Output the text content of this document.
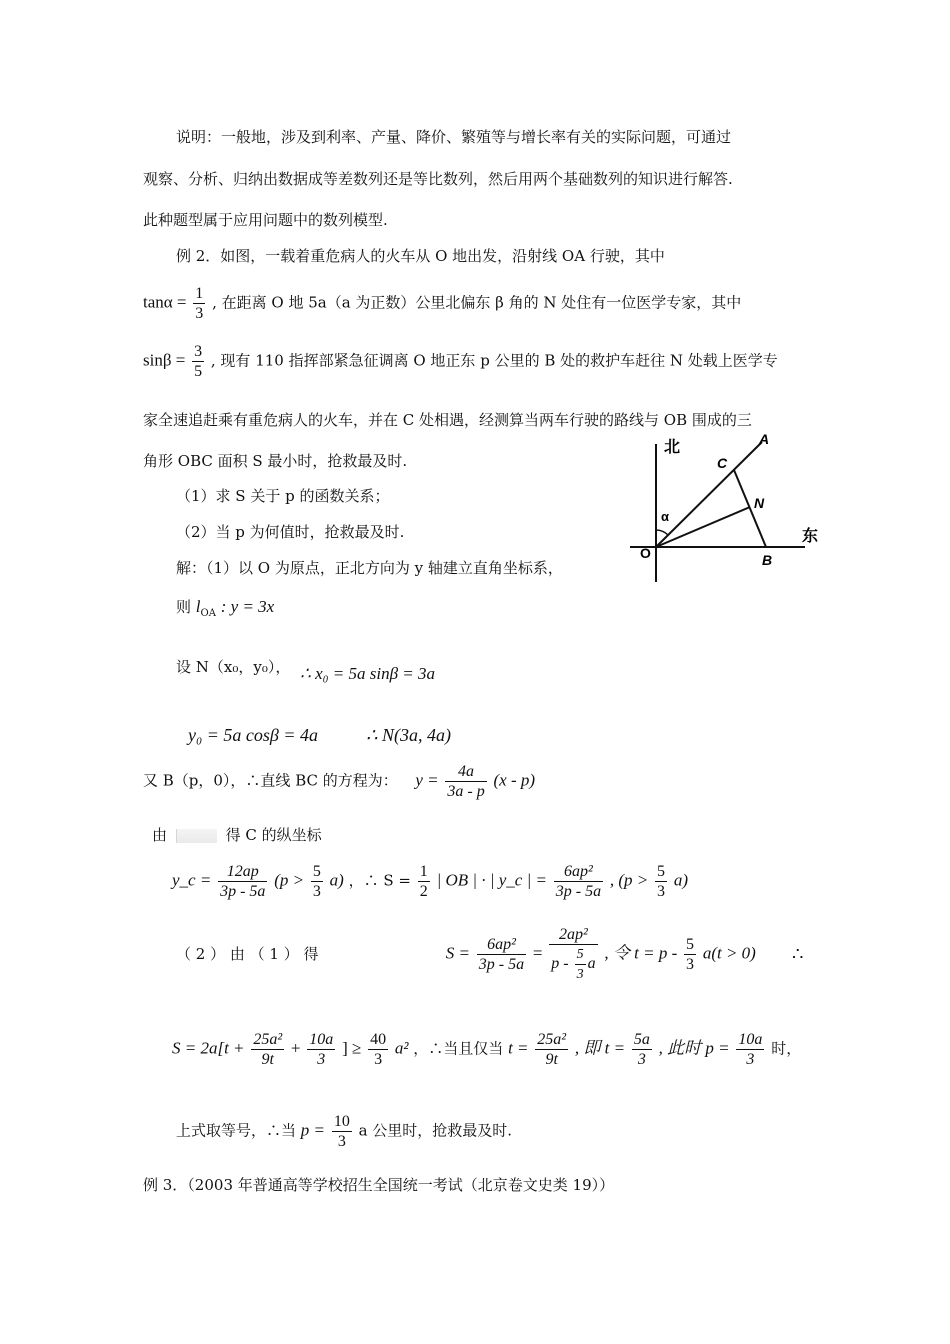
说明：一般地，涉及到利率、产量、降价、繁殖等与增长率有关的实际问题，可通过
观察、分析、归纳出数据成等差数列还是等比数列，然后用两个基础数列的知识进行解答.
此种题型属于应用问题中的数列模型.
例 2．如图，一载着重危病人的火车从 O 地出发，沿射线 OA 行驶，其中
$\tan\alpha = \frac{1}{3}$ , 在距离 O 地 5a（a 为正数）公里北偏东 β 角的 N 处住有一位医学专家，其中
$\sin\beta = \frac{3}{5}$ , 现有 110 指挥部紧急征调离 O 地正东 p 公里的 B 处的救护车赶往 N 处载上医学专
家全速追赶乘有重危病人的火车，并在 C 处相遇，经测算当两车行驶的路线与 OB 围成的三
角形 OBC 面积 S 最小时，抢救最及时.
（1）求 S 关于 p 的函数关系；
（2）当 p 为何值时，抢救最及时.
解：（1）以 O 为原点，正北方向为 y 轴建立直角坐标系，
则 $l_{OA}$ : y = 3x
设 N（x₀，y₀）， ∴ x₀ = 5a sinβ = 3a
y₀ = 5a cosβ = 4a	∴ N(3a, 4a)
又 B（p，0），∴直线 BC 的方程为： $y = \frac{4a}{3a - p} (x - p)$
由	得 C 的纵坐标
y_c = $\frac{12ap}{3p - 5a} (p > \frac{5}{3} a)$ ，∴ $S = \frac{1}{2}$ | OB | · | y_c | = $\frac{\text{6ap²}}{3p - 5a}$ , $(p > \frac{5}{3} a)$
（ 2 ） 由 （ 1 ） 得	$S = \frac{\text{6ap²}}{3p - 5a} = \frac{\text{2ap²}}{p - \frac{5}{3} a}$ , 令 $t = p - \frac{5}{3} a(t > 0)$ ∴
$S = 2a[t + \frac{\text{25a²}}{9t} + \frac{10a}{3}$ ] ≥ $\frac{40}{3} a^2$ ，∴当且仅当 $t = \frac{\text{25a²}}{9t}$ , 即 $t = \frac{5a}{3}$ , 此时 $p = \frac{10a}{3}$ 时，
上式取等号，∴当 $p = \frac{10}{3}$ a 公里时，抢救最及时.
例 3．（2003 年普通高等学校招生全国统一考试（北京卷文史类 19））
北
东
A
C
N
O	B
α
